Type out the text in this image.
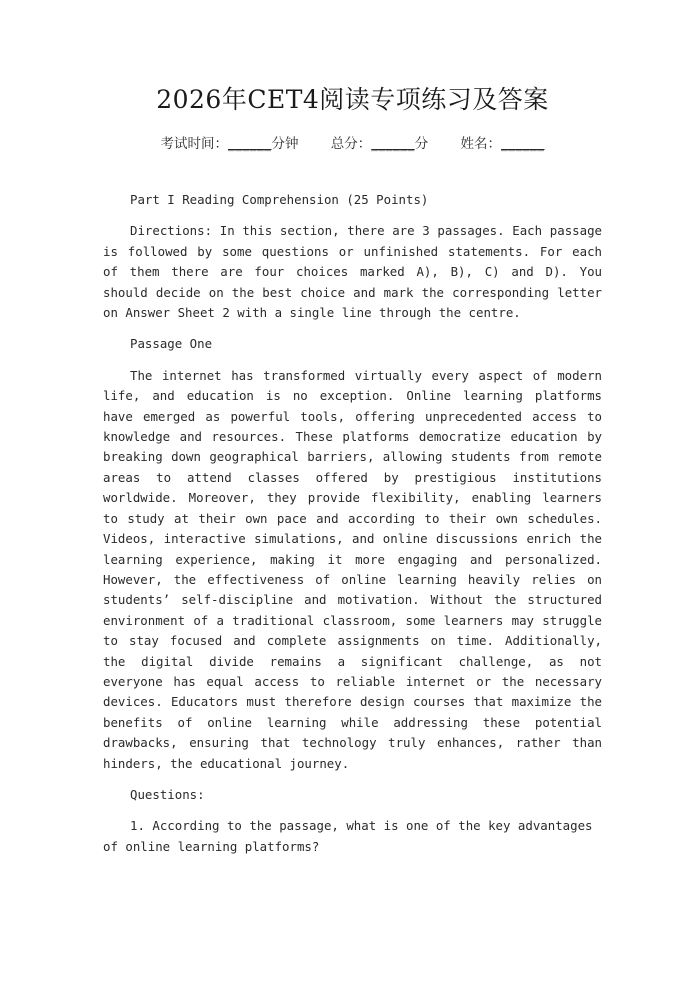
2026年CET4阅读专项练习及答案
考试时间：______分钟 总分：______分 姓名：______

Part I Reading Comprehension (25 Points)

Directions: In this section, there are 3 passages. Each passage is followed by some questions or unfinished statements. For each of them there are four choices marked A), B), C) and D). You should decide on the best choice and mark the corresponding letter on Answer Sheet 2 with a single line through the centre.

Passage One

The internet has transformed virtually every aspect of modern life, and education is no exception. Online learning platforms have emerged as powerful tools, offering unprecedented access to knowledge and resources. These platforms democratize education by breaking down geographical barriers, allowing students from remote areas to attend classes offered by prestigious institutions worldwide. Moreover, they provide flexibility, enabling learners to study at their own pace and according to their own schedules. Videos, interactive simulations, and online discussions enrich the learning experience, making it more engaging and personalized. However, the effectiveness of online learning heavily relies on students’ self-discipline and motivation. Without the structured environment of a traditional classroom, some learners may struggle to stay focused and complete assignments on time. Additionally, the digital divide remains a significant challenge, as not everyone has equal access to reliable internet or the necessary devices. Educators must therefore design courses that maximize the benefits of online learning while addressing these potential drawbacks, ensuring that technology truly enhances, rather than hinders, the educational journey.

Questions:

1. According to the passage, what is one of the key advantages of online learning platforms?
